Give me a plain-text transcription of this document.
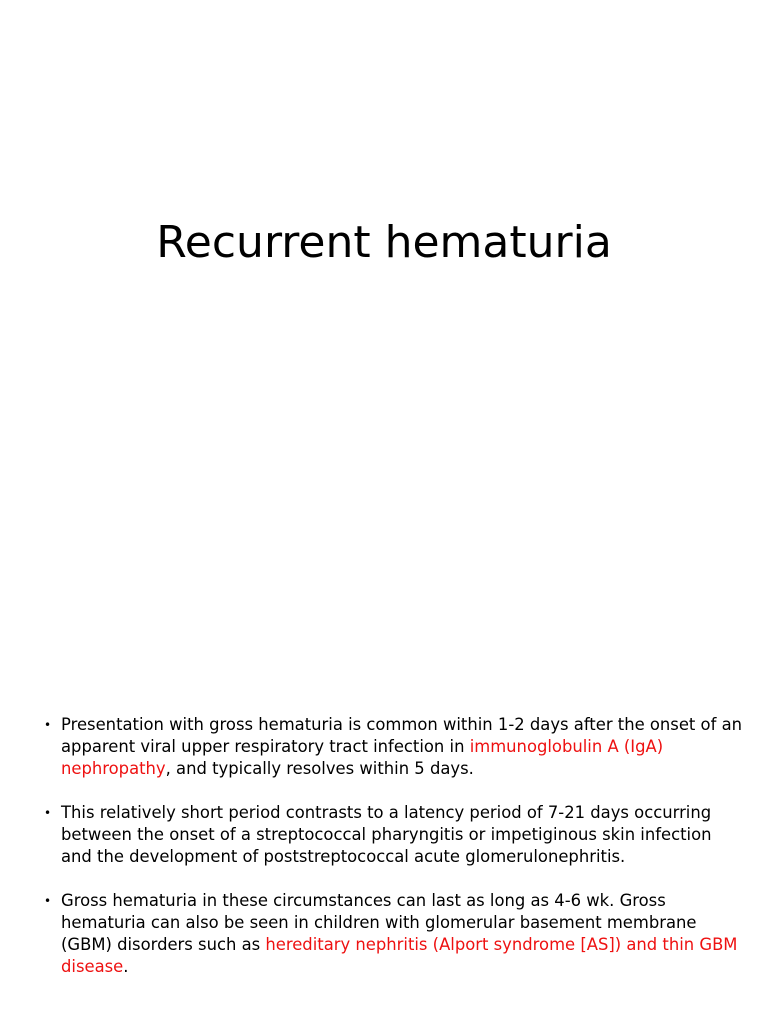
Recurrent hematuria
• Presentation with gross hematuria is common within 1-2 days after the onset of an apparent viral upper respiratory tract infection in immunoglobulin A (IgA) nephropathy, and typically resolves within 5 days.
• This relatively short period contrasts to a latency period of 7-21 days occurring between the onset of a streptococcal pharyngitis or impetiginous skin infection and the development of poststreptococcal acute glomerulonephritis.
• Gross hematuria in these circumstances can last as long as 4-6 wk. Gross hematuria can also be seen in children with glomerular basement membrane (GBM) disorders such as hereditary nephritis (Alport syndrome [AS]) and thin GBM disease.
